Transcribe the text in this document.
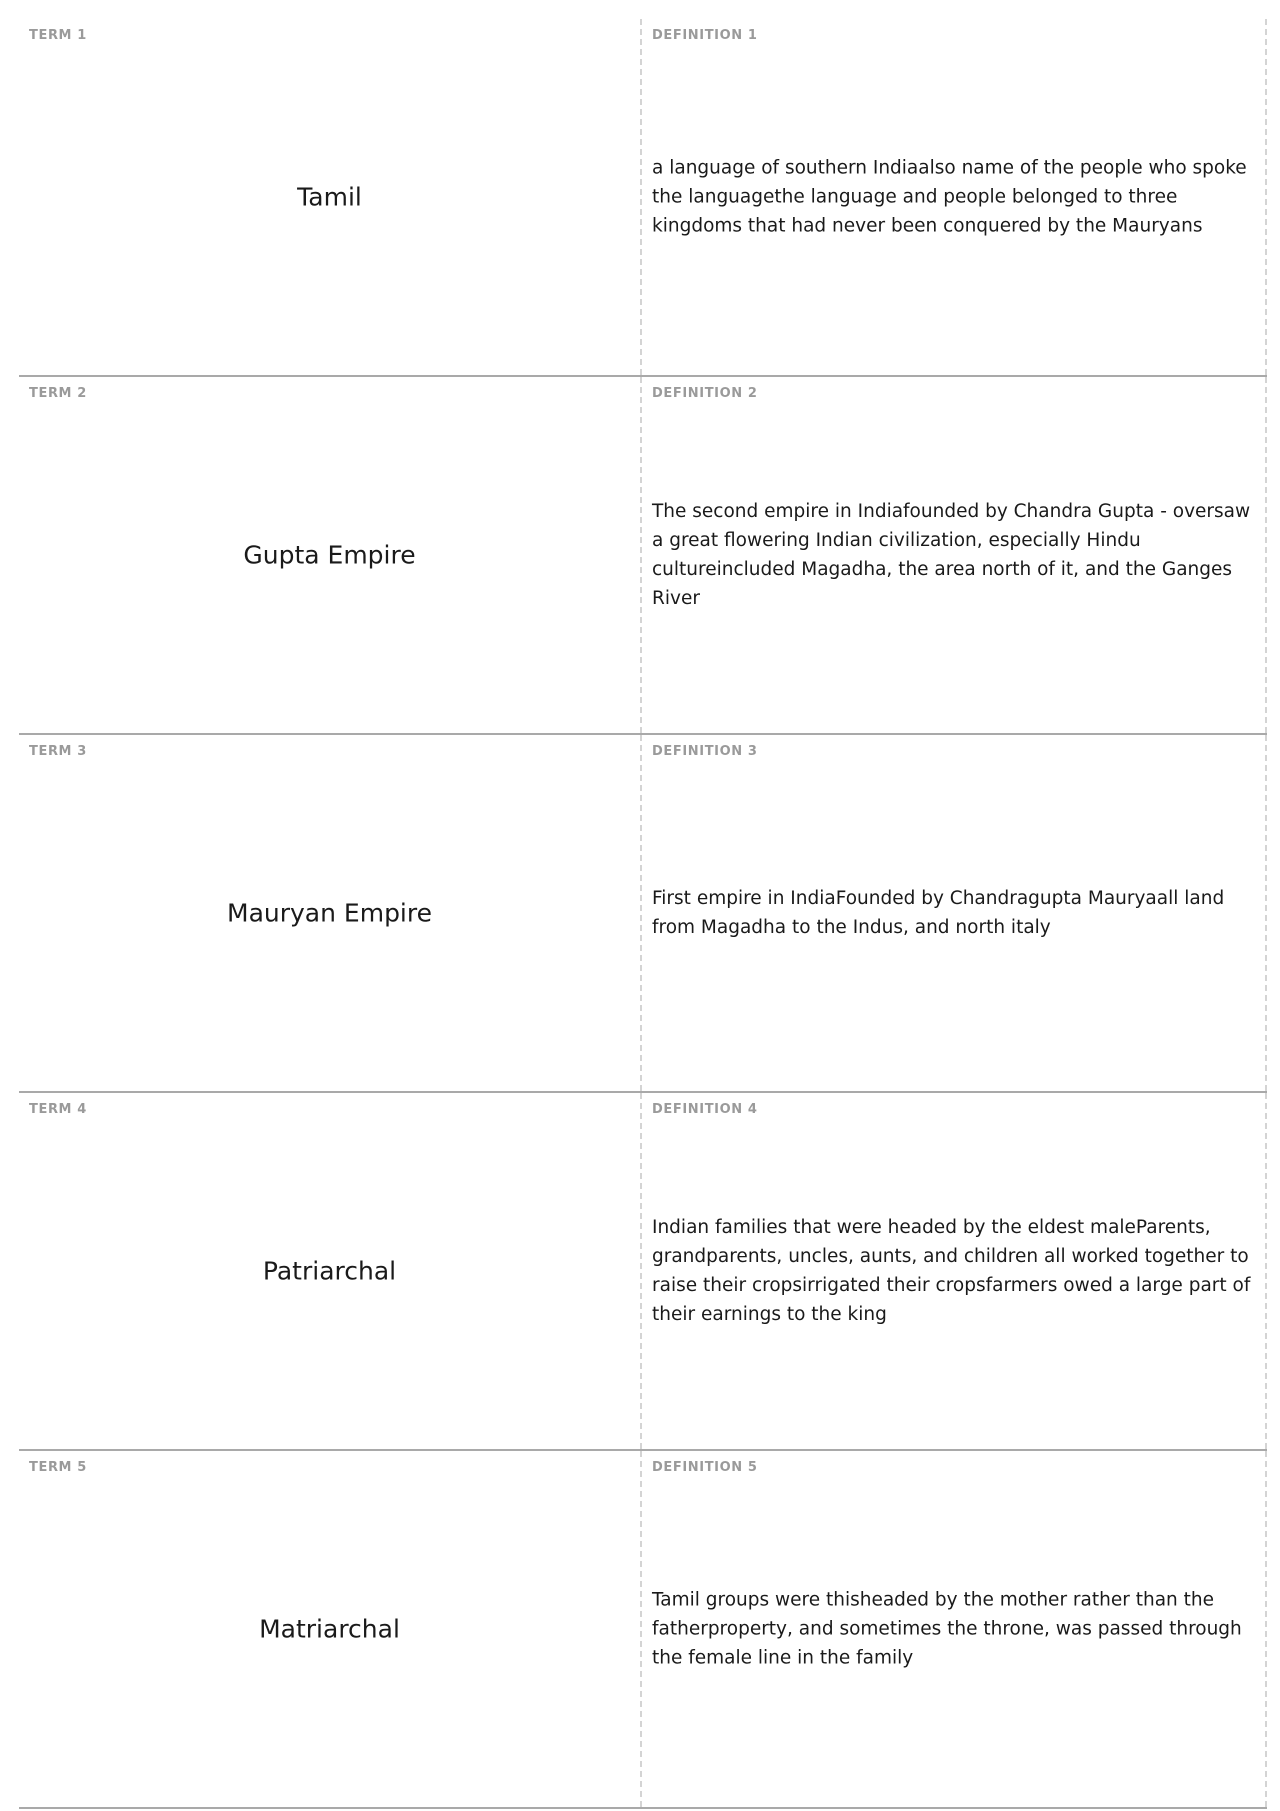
TERM 1
Tamil
DEFINITION 1
a language of southern Indiaalso name of the people who spoke the languagethe language and people belonged to three kingdoms that had never been conquered by the Mauryans
TERM 2
Gupta Empire
DEFINITION 2
The second empire in Indiafounded by Chandra Gupta - oversaw a great flowering Indian civilization, especially Hindu cultureincluded Magadha, the area north of it, and the Ganges River
TERM 3
Mauryan Empire
DEFINITION 3
First empire in IndiaFounded by Chandragupta Mauryaall land from Magadha to the Indus, and north italy
TERM 4
Patriarchal
DEFINITION 4
Indian families that were headed by the eldest maleParents, grandparents, uncles, aunts, and children all worked together to raise their cropsirrigated their cropsfarmers owed a large part of their earnings to the king
TERM 5
Matriarchal
DEFINITION 5
Tamil groups were thisheaded by the mother rather than the fatherproperty, and sometimes the throne, was passed through the female line in the family
